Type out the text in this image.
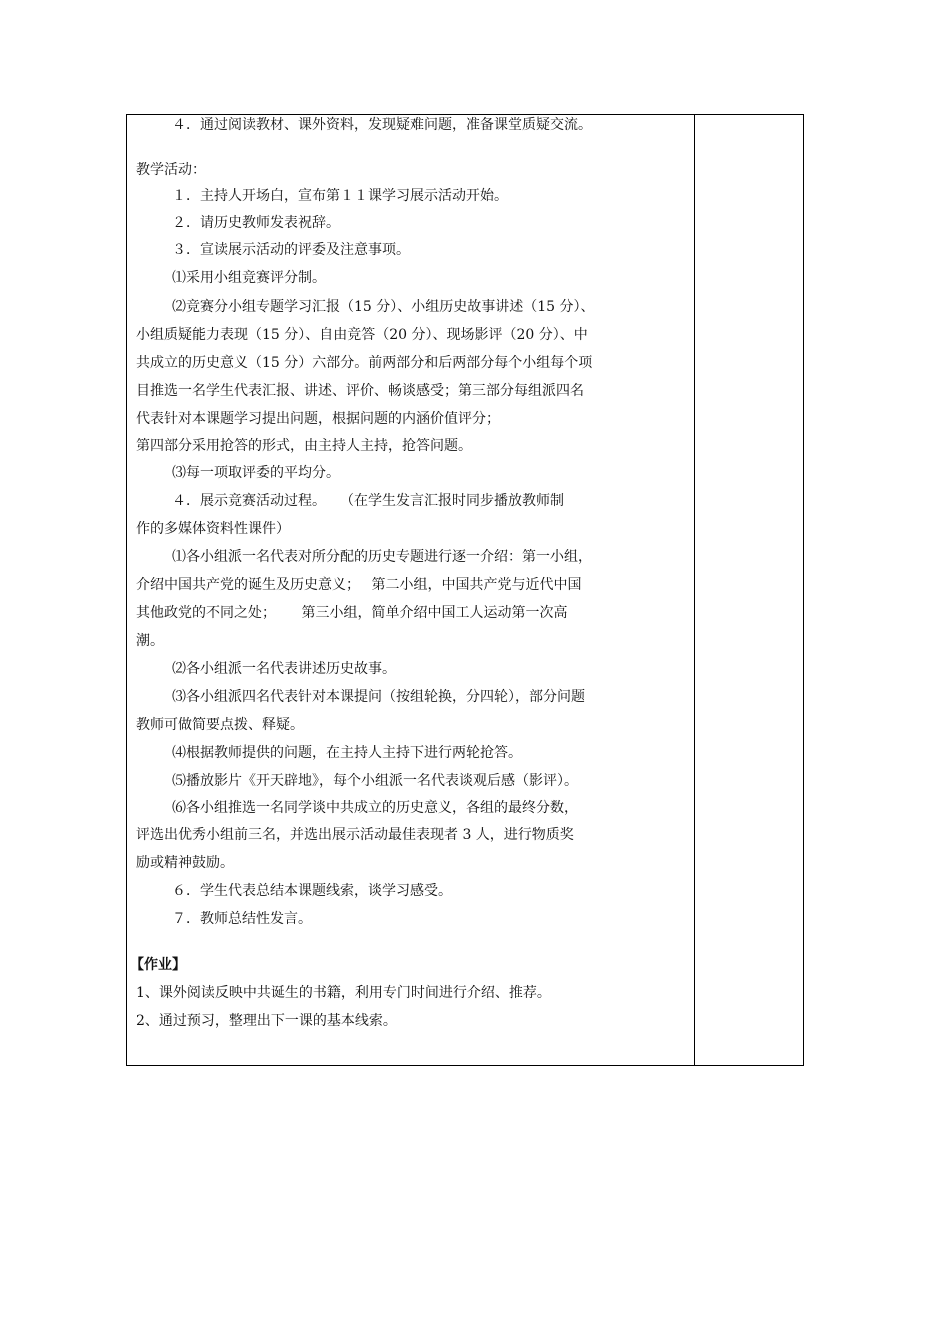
４．通过阅读教材、课外资料，发现疑难问题，准备课堂质疑交流。
教学活动：
１．主持人开场白，宣布第１１课学习展示活动开始。
２．请历史教师发表祝辞。
３．宣读展示活动的评委及注意事项。
⑴采用小组竞赛评分制。
⑵竞赛分小组专题学习汇报（15 分）、小组历史故事讲述（15 分）、
小组质疑能力表现（15 分）、自由竞答（20 分）、现场影评（20 分）、中
共成立的历史意义（15 分）六部分。前两部分和后两部分每个小组每个项
目推选一名学生代表汇报、讲述、评价、畅谈感受；第三部分每组派四名
代表针对本课题学习提出问题，根据问题的内涵价值评分；
第四部分采用抢答的形式，由主持人主持，抢答问题。
⑶每一项取评委的平均分。
４．展示竞赛活动过程。　　（在学生发言汇报时同步播放教师制
作的多媒体资料性课件）
⑴各小组派一名代表对所分配的历史专题进行逐一介绍：第一小组，
介绍中国共产党的诞生及历史意义；　 第二小组，中国共产党与近代中国
其他政党的不同之处；　　 第三小组，简单介绍中国工人运动第一次高
潮。
⑵各小组派一名代表讲述历史故事。
⑶各小组派四名代表针对本课提问（按组轮换，分四轮），部分问题
教师可做简要点拨、释疑。
⑷根据教师提供的问题，在主持人主持下进行两轮抢答。
⑸播放影片《开天辟地》，每个小组派一名代表谈观后感（影评）。
⑹各小组推选一名同学谈中共成立的历史意义，各组的最终分数，
评选出优秀小组前三名，并选出展示活动最佳表现者 3 人，进行物质奖
励或精神鼓励。
６．学生代表总结本课题线索，谈学习感受。
７．教师总结性发言。
【作业】
1、课外阅读反映中共诞生的书籍，利用专门时间进行介绍、推荐。
2、通过预习，整理出下一课的基本线索。
